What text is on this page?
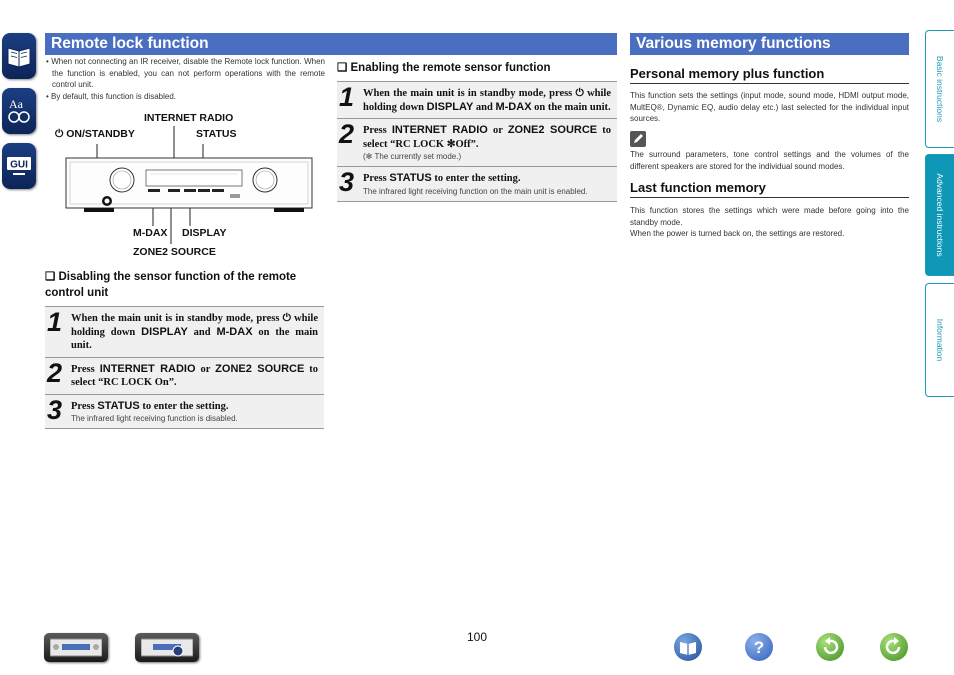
Aa
GUI
Basic instructions
Advanced instructions
Information
Remote lock function
• When not connecting an IR receiver, disable the Remote lock function. When the function is enabled, you can not perform operations with the remote control unit.
• By default, this function is disabled.
INTERNET RADIO
⏻ ON/STANDBY	STATUS
M-DAX DISPLAY
ZONE2 SOURCE
❑ Disabling the sensor function of the remote control unit
1 When the main unit is in standby mode, press ⏻ while holding down DISPLAY and M-DAX on the main unit.
2 Press INTERNET RADIO or ZONE2 SOURCE to select “RC LOCK On”.
3 Press STATUS to enter the setting.
The infrared light receiving function is disabled.
❑ Enabling the remote sensor function
1 When the main unit is in standby mode, press ⏻ while holding down DISPLAY and M-DAX on the main unit.
2 Press INTERNET RADIO or ZONE2 SOURCE to select “RC LOCK ✻Off”.
(✻ The currently set mode.)
3 Press STATUS to enter the setting.
The infrared light receiving function on the main unit is enabled.
Various memory functions
Personal memory plus function
This function sets the settings (input mode, sound mode, HDMI output mode, MultEQ®, Dynamic EQ, audio delay etc.) last selected for the individual input sources.
The surround parameters, tone control settings and the volumes of the different speakers are stored for the individual sound modes.
Last function memory
This function stores the settings which were made before going into the standby mode.
When the power is turned back on, the settings are restored.
100
?
